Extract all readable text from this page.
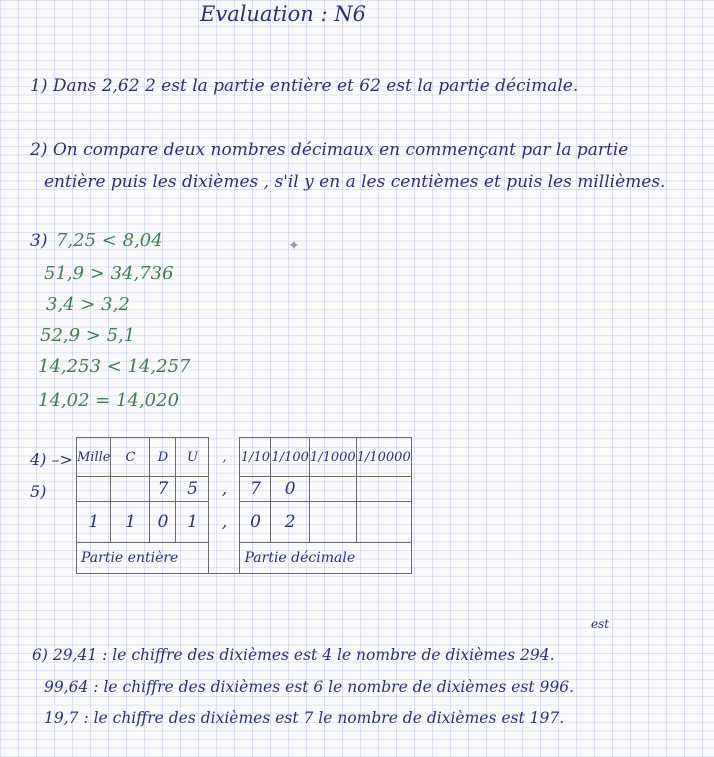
Evaluation : N6
1) Dans 2,62 2 est la partie entière et 62 est la partie décimale.
2) On compare deux nombres décimaux en commençant par la partie
entière puis les dixièmes , s'il y en a les centièmes et puis les millièmes.
3) 7,25 < 8,04
51,9 > 34,736
3,4 > 3,2
52,9 > 5,1
14,253 < 14,257
14,02 = 14,020
✦
4) –>
5)
Mille	C	D	U	,	1/10	1/100	1/1000	1/10000
		7	5	,	7	0		
1	1	0	1	,	0	2		
Partie entière					Partie décimale			
6) 29,41 : le chiffre des dixièmes est 4 le nombre de dixièmes 294.
est
99,64 : le chiffre des dixièmes est 6 le nombre de dixièmes est 996.
19,7 : le chiffre des dixièmes est 7 le nombre de dixièmes est 197.
